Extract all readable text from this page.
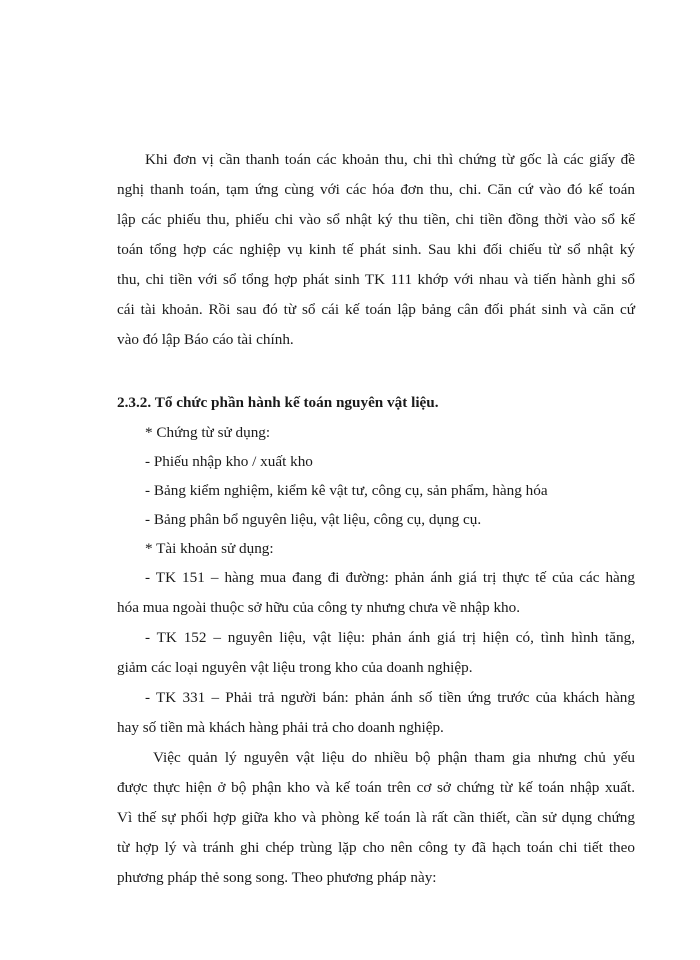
Khi đơn vị cần thanh toán các khoản thu, chi thì chứng từ gốc là các giấy đề
nghị thanh toán, tạm ứng cùng với các hóa đơn thu, chi. Căn cứ vào đó kế toán
lập các phiếu thu, phiếu chi vào sổ nhật ký thu tiền, chi tiền đồng thời vào sổ kế
toán tổng hợp các nghiệp vụ kinh tế phát sinh. Sau khi đối chiếu từ sổ nhật ký
thu, chi tiền với sổ tổng hợp phát sinh TK 111 khớp với nhau và tiến hành ghi sổ
cái tài khoản. Rồi sau đó từ sổ cái kế toán lập bảng cân đối phát sinh và căn cứ
vào đó lập Báo cáo tài chính.
2.3.2. Tổ chức phần hành kế toán nguyên vật liệu.
* Chứng từ sử dụng:
- Phiếu nhập kho / xuất kho
- Bảng kiểm nghiệm, kiểm kê vật tư, công cụ, sản phẩm, hàng hóa
- Bảng phân bổ nguyên liệu, vật liệu, công cụ, dụng cụ.
* Tài khoản sử dụng:
- TK 151 – hàng mua đang đi đường: phản ánh giá trị thực tế của các hàng
hóa mua ngoài thuộc sở hữu của công ty nhưng chưa về nhập kho.
- TK 152 – nguyên liệu, vật liệu: phản ánh giá trị hiện có, tình hình tăng,
giảm các loại nguyên vật liệu trong kho của doanh nghiệp.
- TK 331 – Phải trả người bán: phản ánh số tiền ứng trước của khách hàng
hay số tiền mà khách hàng phải trả cho doanh nghiệp.
Việc quản lý nguyên vật liệu do nhiều bộ phận tham gia nhưng chủ yếu
được thực hiện ở bộ phận kho và kế toán trên cơ sở chứng từ kế toán nhập xuất.
Vì thế sự phối hợp giữa kho và phòng kế toán là rất cần thiết, cần sử dụng chứng
từ hợp lý và tránh ghi chép trùng lặp cho nên công ty đã hạch toán chi tiết theo
phương pháp thẻ song song. Theo phương pháp này:
